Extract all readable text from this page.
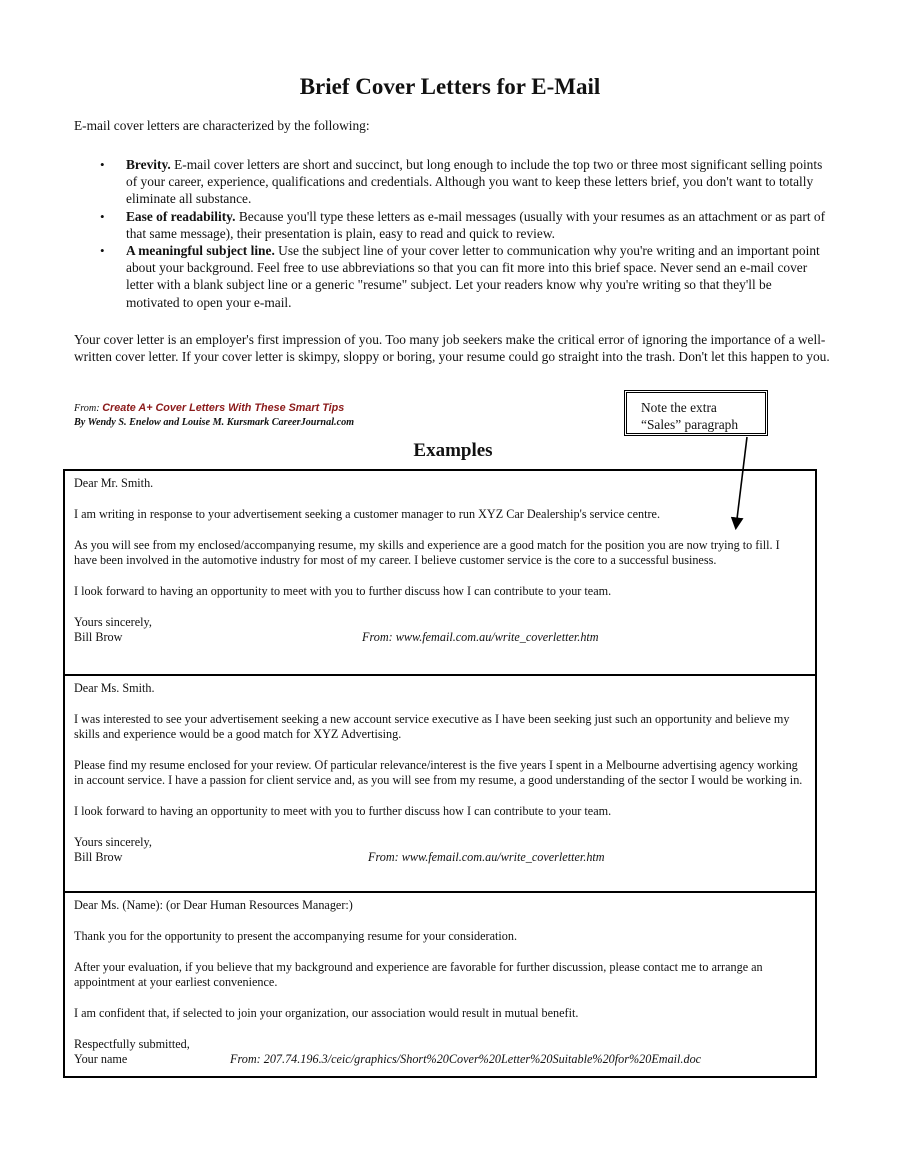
Brief Cover Letters for E-Mail

E-mail cover letters are characterized by the following:

• Brevity. E-mail cover letters are short and succinct, but long enough to include the top two or three most significant selling points of your career, experience, qualifications and credentials. Although you want to keep these letters brief, you don't want to totally eliminate all substance.
• Ease of readability. Because you'll type these letters as e-mail messages (usually with your resumes as an attachment or as part of that same message), their presentation is plain, easy to read and quick to review.
• A meaningful subject line. Use the subject line of your cover letter to communication why you're writing and an important point about your background. Feel free to use abbreviations so that you can fit more into this brief space. Never send an e-mail cover letter with a blank subject line or a generic "resume" subject. Let your readers know why you're writing so that they'll be motivated to open your e-mail.

Your cover letter is an employer's first impression of you. Too many job seekers make the critical error of ignoring the importance of a well-written cover letter. If your cover letter is skimpy, sloppy or boring, your resume could go straight into the trash. Don't let this happen to you.

From: Create A+ Cover Letters With These Smart Tips
By Wendy S. Enelow and Louise M. Kursmark CareerJournal.com
Note the extra
“Sales” paragraph
Examples

Dear Mr. Smith.

I am writing in response to your advertisement seeking a customer manager to run XYZ Car Dealership's service centre.

As you will see from my enclosed/accompanying resume, my skills and experience are a good match for the position you are now trying to fill. I have been involved in the automotive industry for most of my career. I believe customer service is the core to a successful business.

I look forward to having an opportunity to meet with you to further discuss how I can contribute to your team.

Yours sincerely,

Bill Brow	From: www.femail.com.au/write_coverletter.htm

Dear Ms. Smith.

I was interested to see your advertisement seeking a new account service executive as I have been seeking just such an opportunity and believe my skills and experience would be a good match for XYZ Advertising.

Please find my resume enclosed for your review. Of particular relevance/interest is the five years I spent in a Melbourne advertising agency working in account service. I have a passion for client service and, as you will see from my resume, a good understanding of the sector I would be working in.

I look forward to having an opportunity to meet with you to further discuss how I can contribute to your team.

Yours sincerely,

Bill Brow	From: www.femail.com.au/write_coverletter.htm

Dear Ms. (Name): (or Dear Human Resources Manager:)

Thank you for the opportunity to present the accompanying resume for your consideration.

After your evaluation, if you believe that my background and experience are favorable for further discussion, please contact me to arrange an appointment at your earliest convenience.

I am confident that, if selected to join your organization, our association would result in mutual benefit.

Respectfully submitted,

Your name	From: 207.74.196.3/ceic/graphics/Short%20Cover%20Letter%20Suitable%20for%20Email.doc
